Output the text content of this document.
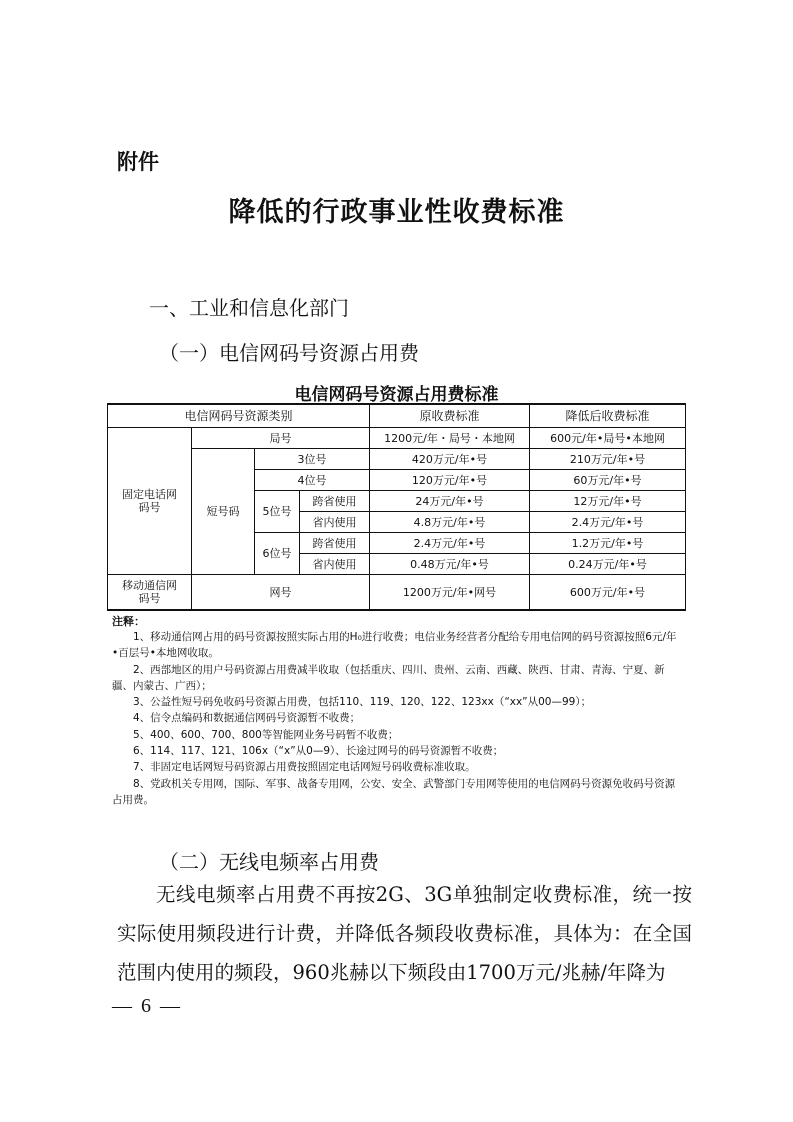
附件
降低的行政事业性收费标准
一、工业和信息化部门
（一）电信网码号资源占用费
电信网码号资源占用费标准
电信网码号资源类别				原收费标准	降低后收费标准
固定电话网码号	局号			1200元/年・局号・本地网	600元/年•局号•本地网
	短号码	3位号		420万元/年•号	210万元/年•号
		4位号		120万元/年•号	60万元/年•号
		5位号	跨省使用	24万元/年•号	12万元/年•号
			省内使用	4.8万元/年•号	2.4万元/年•号
		6位号	跨省使用	2.4万元/年•号	1.2万元/年•号
			省内使用	0.48万元/年•号	0.24万元/年•号
移动通信网码号	网号			1200万元/年•网号	600万元/年•号
注释：

1、移动通信网占用的码号资源按照实际占用的H₀进行收费；电信业务经营者分配给专用电信网的码号资源按照6元/年•百层号•本地网收取。

2、西部地区的用户号码资源占用费减半收取（包括重庆、四川、贵州、云南、西藏、陕西、甘肃、青海、宁夏、新疆、内蒙古、广西）；

3、公益性短号码免收码号资源占用费，包括110、119、120、122、123xx（“xx”从00—99）；

4、信令点编码和数据通信网码号资源暂不收费；

5、400、600、700、800等智能网业务号码暂不收费；

6、114、117、121、106x（“x”从0—9）、长途过网号的码号资源暂不收费；

7、非固定电话网短号码资源占用费按照固定电话网短号码收费标准收取。

8、党政机关专用网，国际、军事、战备专用网，公安、安全、武警部门专用网等使用的电信网码号资源免收码号资源占用费。

（二）无线电频率占用费

无线电频率占用费不再按2G、3G单独制定收费标准，统一按实际使用频段进行计费，并降低各频段收费标准，具体为：在全国范围内使用的频段，960兆赫以下频段由1700万元/兆赫/年降为

— 6 —
